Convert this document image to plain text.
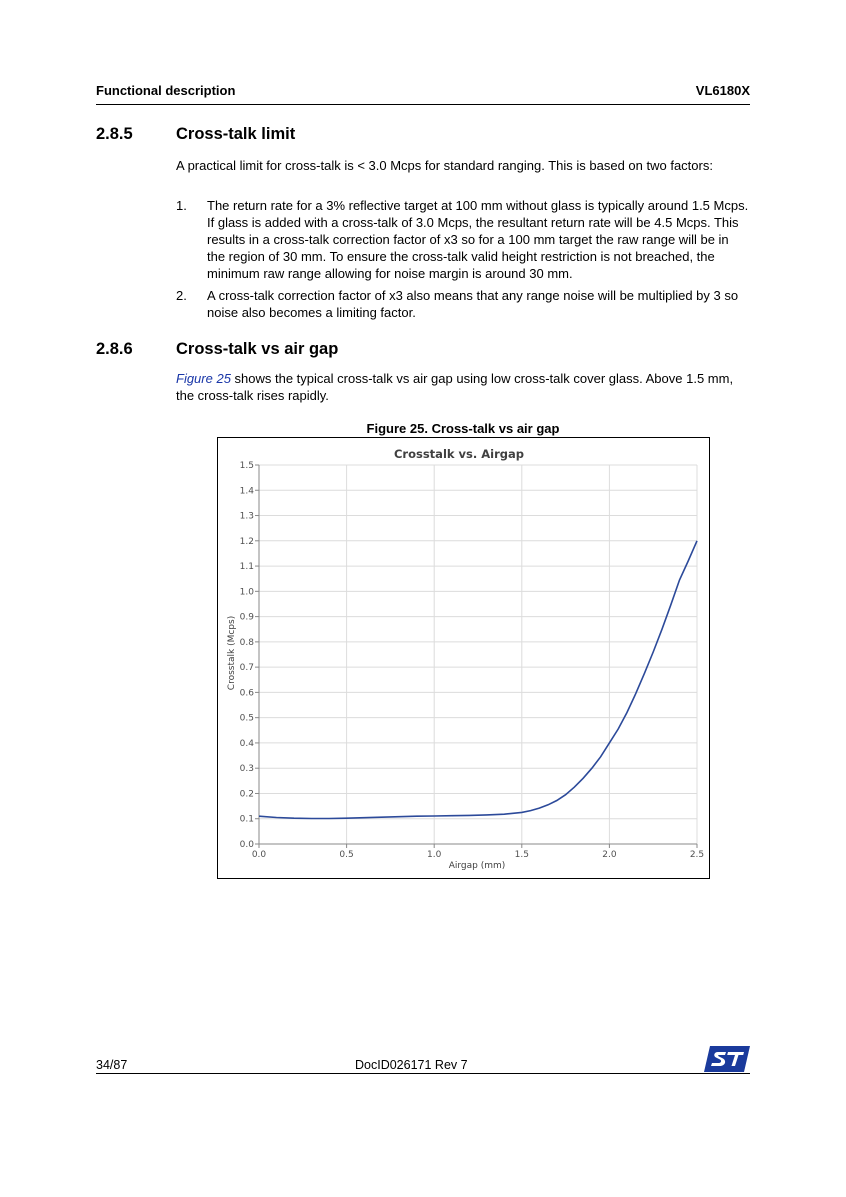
Functional description	VL6180X
2.8.5	Cross-talk limit
A practical limit for cross-talk is < 3.0 Mcps for standard ranging. This is based on two factors:
1. The return rate for a 3% reflective target at 100 mm without glass is typically around 1.5 Mcps. If glass is added with a cross-talk of 3.0 Mcps, the resultant return rate will be 4.5 Mcps. This results in a cross-talk correction factor of x3 so for a 100 mm target the raw range will be in the region of 30 mm. To ensure the cross-talk valid height restriction is not breached, the minimum raw range allowing for noise margin is around 30 mm.
2. A cross-talk correction factor of x3 also means that any range noise will be multiplied by 3 so noise also becomes a limiting factor.
2.8.6	Cross-talk vs air gap
Figure 25 shows the typical cross-talk vs air gap using low cross-talk cover glass. Above 1.5 mm, the cross-talk rises rapidly.
Figure 25. Cross-talk vs air gap
0.0
0.1
0.2
0.3
0.4
0.5
0.6
0.7
0.8
0.9
1.0
1.1
1.2
1.3
1.4
1.5
0.0	0.5	1.0	1.5	2.0	2.5
Crosstalk vs. Airgap
Airgap (mm)
Crosstalk (Mcps)
34/87	DocID026171 Rev 7
